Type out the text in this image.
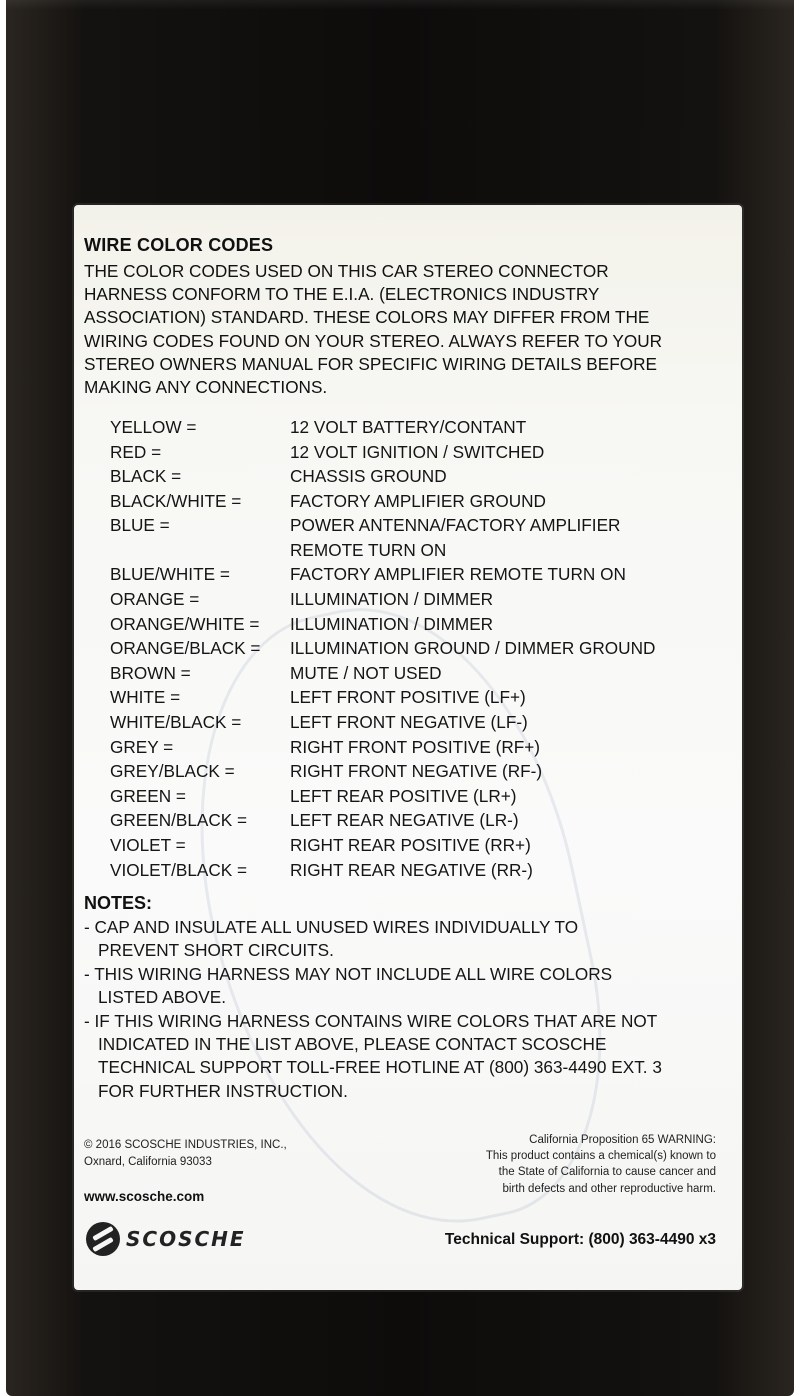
WIRE COLOR CODES
THE COLOR CODES USED ON THIS CAR STEREO CONNECTOR
HARNESS CONFORM TO THE E.I.A. (ELECTRONICS INDUSTRY
ASSOCIATION) STANDARD. THESE COLORS MAY DIFFER FROM THE
WIRING CODES FOUND ON YOUR STEREO. ALWAYS REFER TO YOUR
STEREO OWNERS MANUAL FOR SPECIFIC WIRING DETAILS BEFORE
MAKING ANY CONNECTIONS.
YELLOW =	12 VOLT BATTERY/CONTANT
RED =	12 VOLT IGNITION / SWITCHED
BLACK =	CHASSIS GROUND
BLACK/WHITE =	FACTORY AMPLIFIER GROUND
BLUE =	POWER ANTENNA/FACTORY AMPLIFIER
REMOTE TURN ON
BLUE/WHITE =	FACTORY AMPLIFIER REMOTE TURN ON
ORANGE =	ILLUMINATION / DIMMER
ORANGE/WHITE = ILLUMINATION / DIMMER
ORANGE/BLACK = ILLUMINATION GROUND / DIMMER GROUND
BROWN =	MUTE / NOT USED
WHITE =	LEFT FRONT POSITIVE (LF+)
WHITE/BLACK =	LEFT FRONT NEGATIVE (LF-)
GREY =	RIGHT FRONT POSITIVE (RF+)
GREY/BLACK =	RIGHT FRONT NEGATIVE (RF-)
GREEN =	LEFT REAR POSITIVE (LR+)
GREEN/BLACK = LEFT REAR NEGATIVE (LR-)
VIOLET =	RIGHT REAR POSITIVE (RR+)
VIOLET/BLACK = RIGHT REAR NEGATIVE (RR-)
NOTES:
- CAP AND INSULATE ALL UNUSED WIRES INDIVIDUALLY TO
PREVENT SHORT CIRCUITS.
- THIS WIRING HARNESS MAY NOT INCLUDE ALL WIRE COLORS
LISTED ABOVE.
- IF THIS WIRING HARNESS CONTAINS WIRE COLORS THAT ARE NOT
INDICATED IN THE LIST ABOVE, PLEASE CONTACT SCOSCHE
TECHNICAL SUPPORT TOLL-FREE HOTLINE AT (800) 363-4490 EXT. 3
FOR FURTHER INSTRUCTION.
© 2016 SCOSCHE INDUSTRIES, INC.,
Oxnard, California 93033
California Proposition 65 WARNING:
This product contains a chemical(s) known to
the State of California to cause cancer and
birth defects and other reproductive harm.
www.scosche.com
SCOSCHE	Technical Support: (800) 363-4490 x3
